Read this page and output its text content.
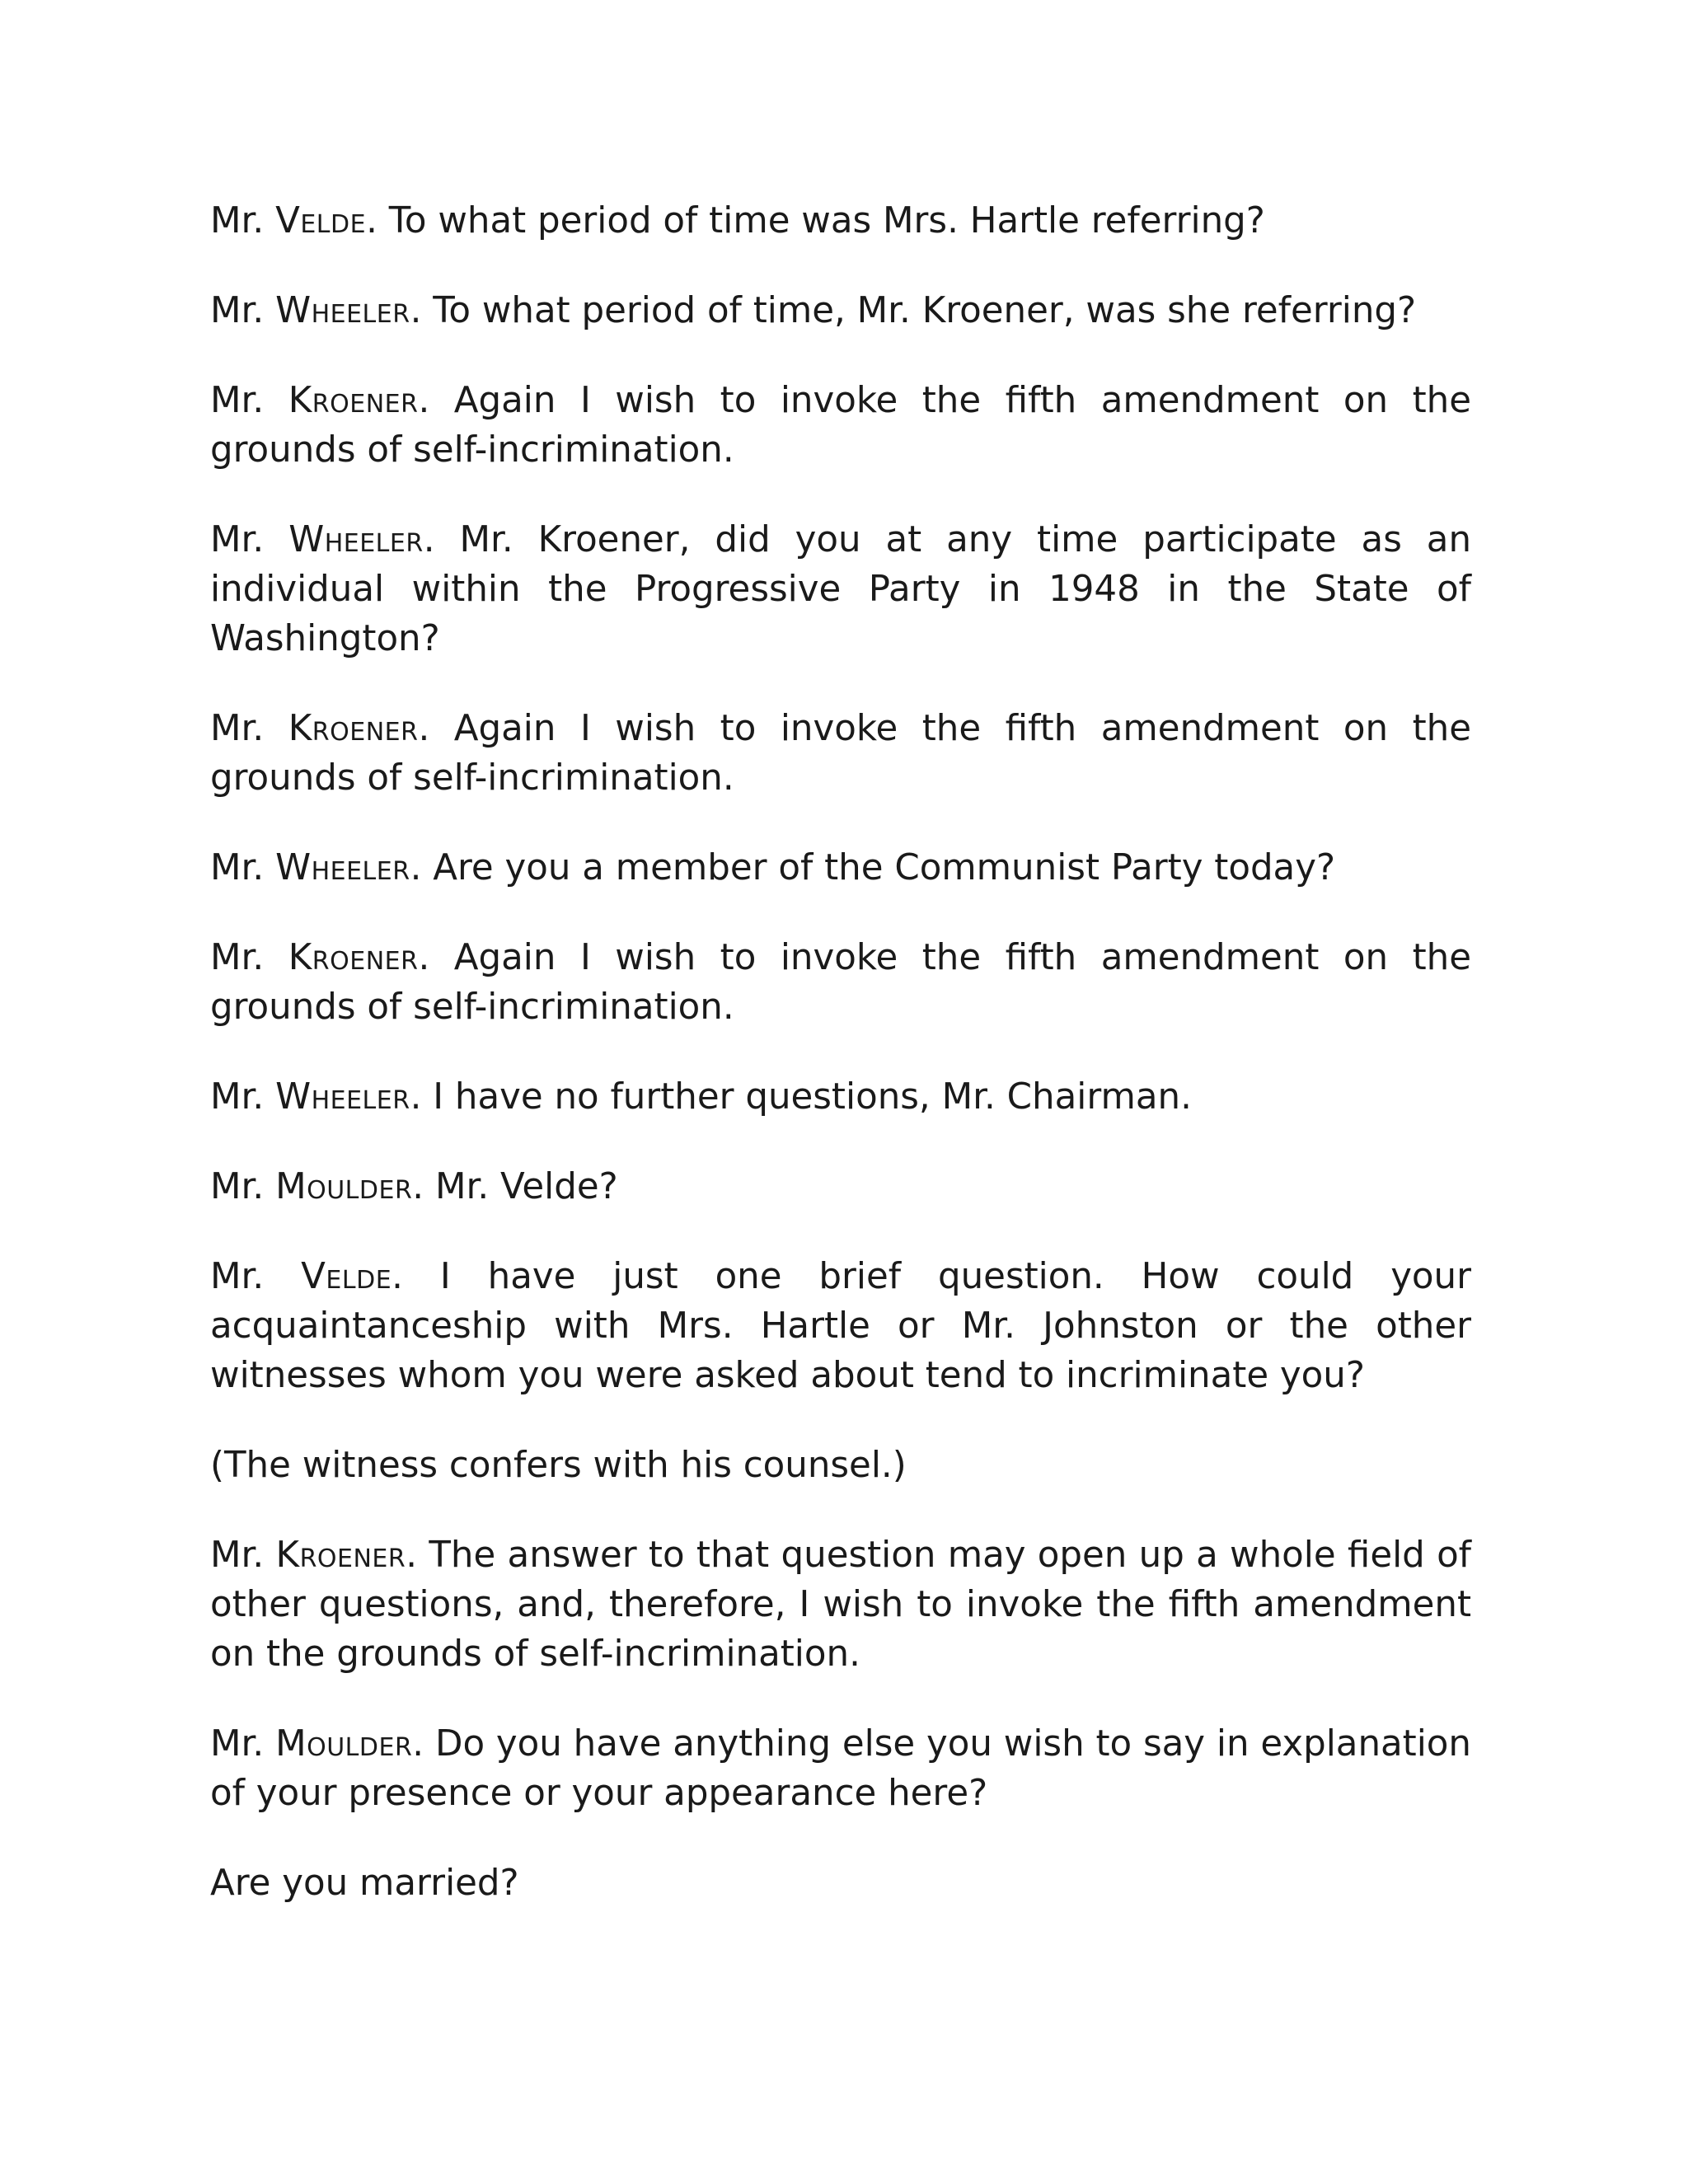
Mr. Velde. To what period of time was Mrs. Hartle referring?

Mr. Wheeler. To what period of time, Mr. Kroener, was she referring?

Mr. Kroener. Again I wish to invoke the fifth amendment on the grounds of self-incrimination.

Mr. Wheeler. Mr. Kroener, did you at any time participate as an individual within the Progressive Party in 1948 in the State of Washington?

Mr. Kroener. Again I wish to invoke the fifth amendment on the grounds of self-incrimination.

Mr. Wheeler. Are you a member of the Communist Party today?

Mr. Kroener. Again I wish to invoke the fifth amendment on the grounds of self-incrimination.

Mr. Wheeler. I have no further questions, Mr. Chairman.

Mr. Moulder. Mr. Velde?

Mr. Velde. I have just one brief question. How could your acquaintanceship with Mrs. Hartle or Mr. Johnston or the other witnesses whom you were asked about tend to incriminate you?

(The witness confers with his counsel.)

Mr. Kroener. The answer to that question may open up a whole field of other questions, and, therefore, I wish to invoke the fifth amendment on the grounds of self-incrimination.

Mr. Moulder. Do you have anything else you wish to say in explanation of your presence or your appearance here?

Are you married?
